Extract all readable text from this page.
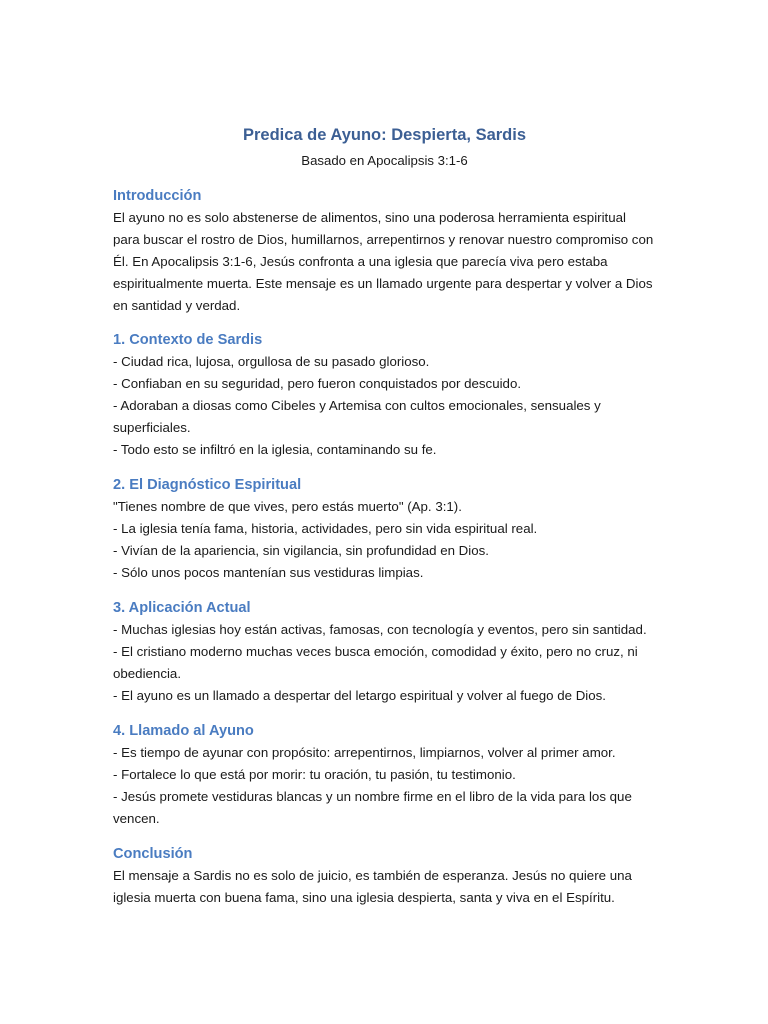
Predica de Ayuno: Despierta, Sardis

Basado en Apocalipsis 3:1-6

Introducción

El ayuno no es solo abstenerse de alimentos, sino una poderosa herramienta espiritual para buscar el rostro de Dios, humillarnos, arrepentirnos y renovar nuestro compromiso con Él. En Apocalipsis 3:1-6, Jesús confronta a una iglesia que parecía viva pero estaba espiritualmente muerta. Este mensaje es un llamado urgente para despertar y volver a Dios en santidad y verdad.

1. Contexto de Sardis

- Ciudad rica, lujosa, orgullosa de su pasado glorioso.

- Confiaban en su seguridad, pero fueron conquistados por descuido.

- Adoraban a diosas como Cibeles y Artemisa con cultos emocionales, sensuales y superficiales.

- Todo esto se infiltró en la iglesia, contaminando su fe.

2. El Diagnóstico Espiritual

"Tienes nombre de que vives, pero estás muerto" (Ap. 3:1).

- La iglesia tenía fama, historia, actividades, pero sin vida espiritual real.

- Vivían de la apariencia, sin vigilancia, sin profundidad en Dios.

- Sólo unos pocos mantenían sus vestiduras limpias.

3. Aplicación Actual

- Muchas iglesias hoy están activas, famosas, con tecnología y eventos, pero sin santidad.

- El cristiano moderno muchas veces busca emoción, comodidad y éxito, pero no cruz, ni obediencia.

- El ayuno es un llamado a despertar del letargo espiritual y volver al fuego de Dios.

4. Llamado al Ayuno

- Es tiempo de ayunar con propósito: arrepentirnos, limpiarnos, volver al primer amor.

- Fortalece lo que está por morir: tu oración, tu pasión, tu testimonio.

- Jesús promete vestiduras blancas y un nombre firme en el libro de la vida para los que vencen.

Conclusión

El mensaje a Sardis no es solo de juicio, es también de esperanza. Jesús no quiere una iglesia muerta con buena fama, sino una iglesia despierta, santa y viva en el Espíritu.
